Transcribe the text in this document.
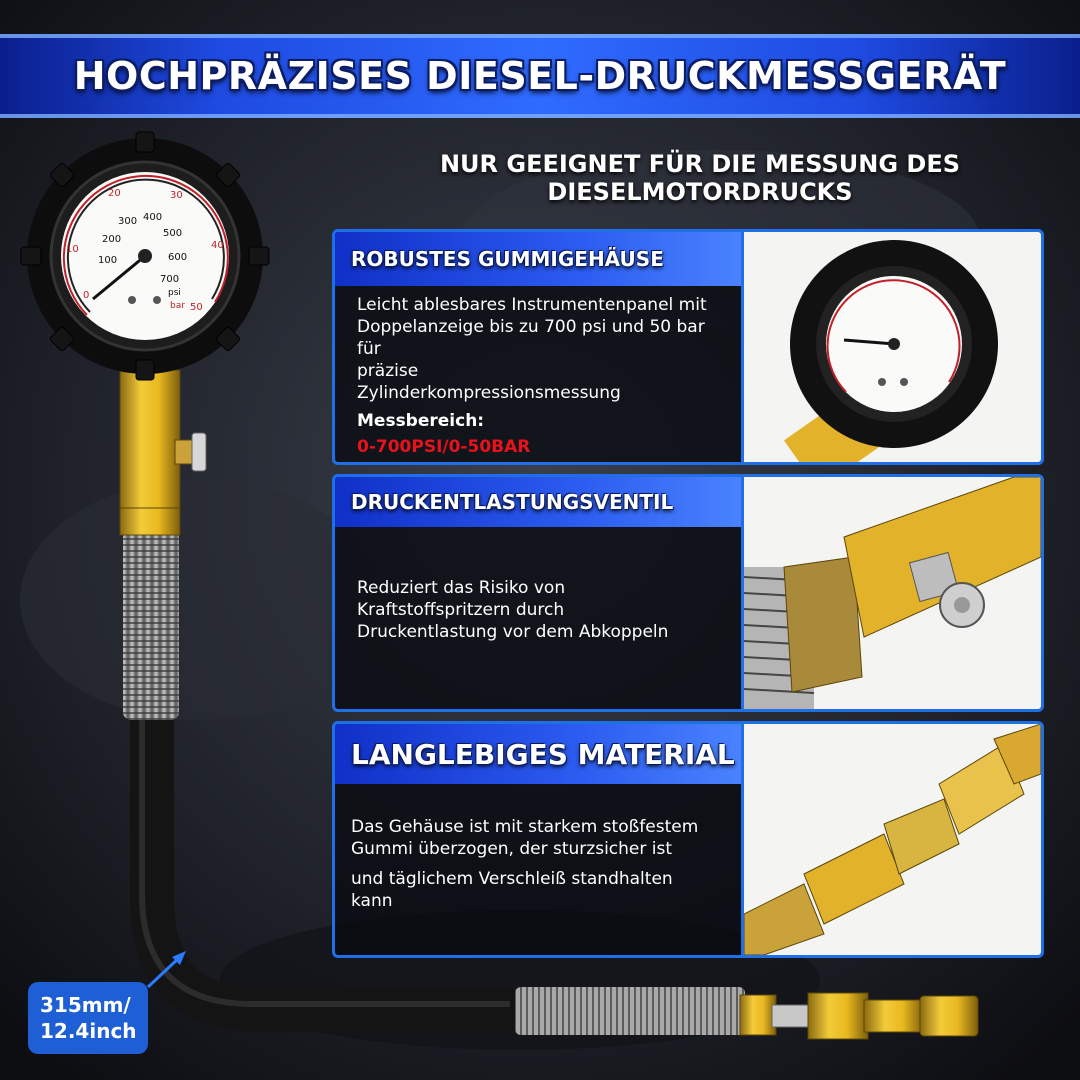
HOCHPRÄZISES DIESEL-DRUCKMESSGERÄT
NUR GEEIGNET FÜR DIE MESSUNG DES DIESELMOTORDRUCKS
100
200
300 400
500
600
700
0
10
20	30
40
50
psi
bar
ROBUSTES GUMMIGEHÄUSE
Leicht ablesbares Instrumentenpanel mit
Doppelanzeige bis zu 700 psi und 50 bar
für
präzise
Zylinderkompressionsmessung
Messbereich:
0-700PSI/0-50BAR
DRUCKENTLASTUNGSVENTIL
Reduziert das Risiko von
Kraftstoffspritzern durch
Druckentlastung vor dem Abkoppeln
LANGLEBIGES MATERIAL
Das Gehäuse ist mit starkem stoßfestem
Gummi überzogen, der sturzsicher ist
und täglichem Verschleiß standhalten
kann
315mm/
12.4inch
